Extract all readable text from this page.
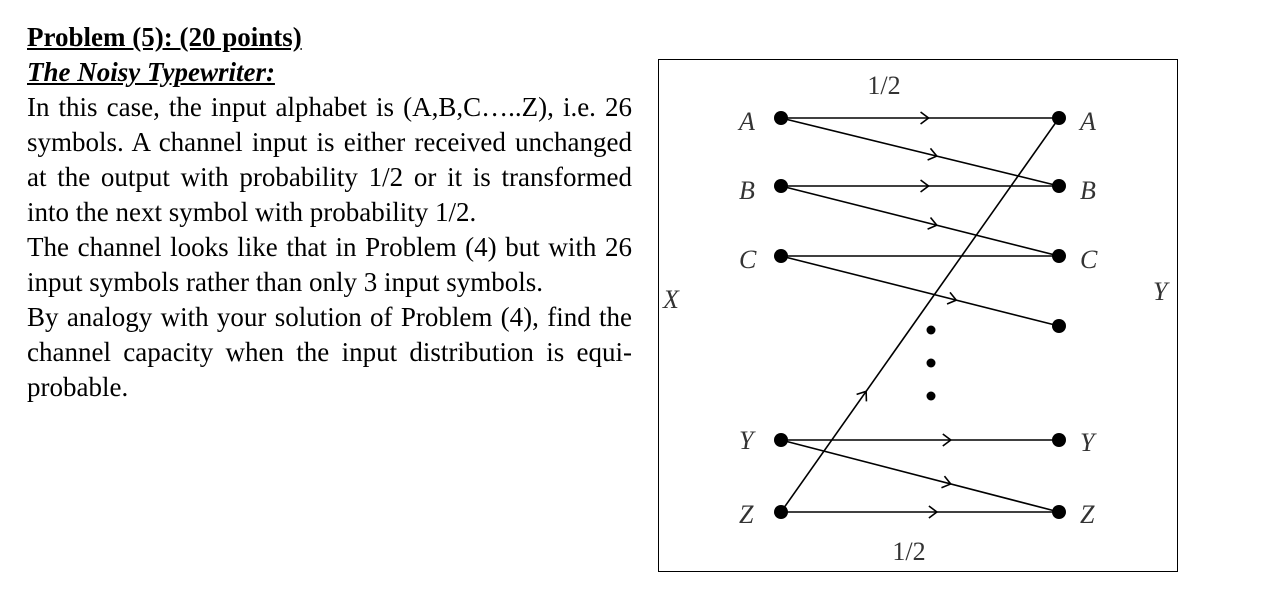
Problem (5): (20 points)

The Noisy Typewriter:

In this case, the input alphabet is (A,B,C…..Z), i.e. 26 symbols. A channel input is either received unchanged at the output with probability 1/2 or it is transformed into the next symbol with probability 1/2.

The channel looks like that in Problem (4) but with 26 input symbols rather than only 3 input symbols.

By analogy with your solution of Problem (4), find the channel capacity when the input distribution is equi-probable.

1/2
1/2
X	Y
A
B
C
Y
Z
A
B
C
Y
Z
